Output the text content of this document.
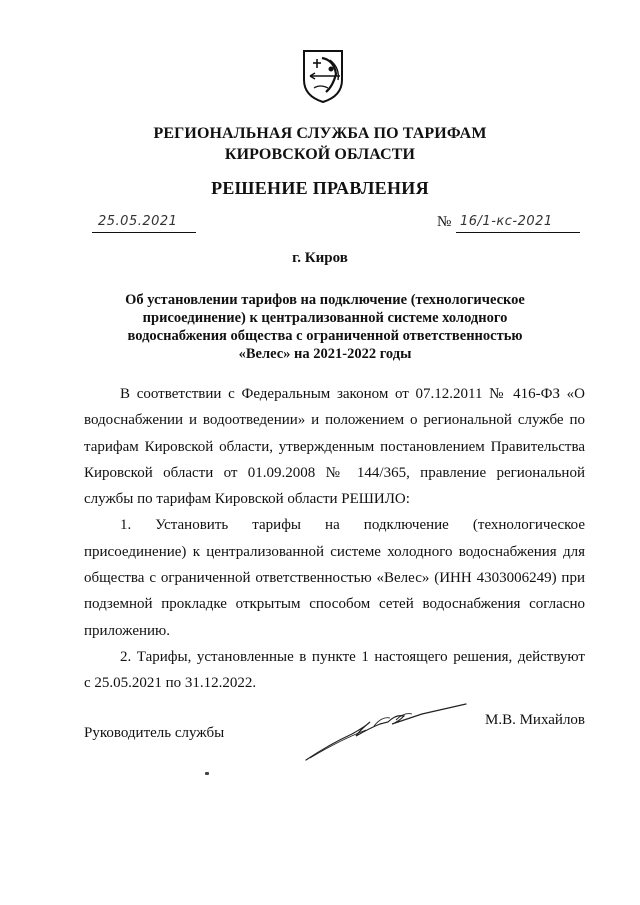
РЕГИОНАЛЬНАЯ СЛУЖБА ПО ТАРИФАМ
КИРОВСКОЙ ОБЛАСТИ
РЕШЕНИЕ ПРАВЛЕНИЯ
25.05.2021	№ 16/1-кс-2021
г. Киров
Об установлении тарифов на подключение (технологическое
присоединение) к централизованной системе холодного
водоснабжения общества с ограниченной ответственностью
«Велес» на 2021-2022 годы
В соответствии с Федеральным законом от 07.12.2011 № 416-ФЗ «О
водоснабжении и водоотведении» и положением о региональной службе по
тарифам Кировской области, утвержденным постановлением Правительства
Кировской области от 01.09.2008 № 144/365, правление региональной
службы по тарифам Кировской области РЕШИЛО:
1. Установить тарифы на подключение (технологическое
присоединение) к централизованной системе холодного водоснабжения для
общества с ограниченной ответственностью «Велес» (ИНН 4303006249) при
подземной прокладке открытым способом сетей водоснабжения согласно
приложению.
2. Тарифы, установленные в пункте 1 настоящего решения, действуют
с 25.05.2021 по 31.12.2022.
Руководитель службы
М.В. Михайлов
